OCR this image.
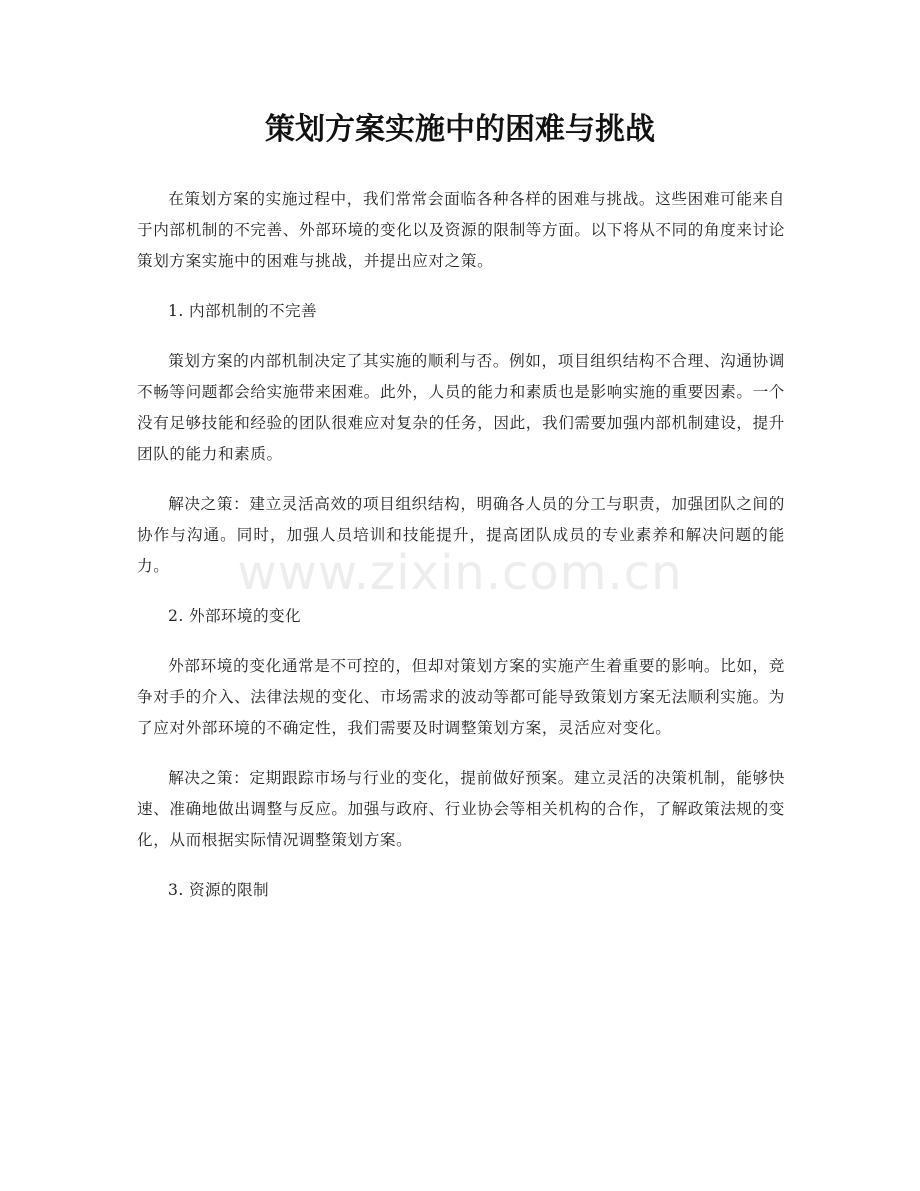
策划方案实施中的困难与挑战
www.zixin.com.cn

在策划方案的实施过程中，我们常常会面临各种各样的困难与挑战。这些困难可能来自于内部机制的不完善、外部环境的变化以及资源的限制等方面。以下将从不同的角度来讨论策划方案实施中的困难与挑战，并提出应对之策。

1. 内部机制的不完善

策划方案的内部机制决定了其实施的顺利与否。例如，项目组织结构不合理、沟通协调不畅等问题都会给实施带来困难。此外，人员的能力和素质也是影响实施的重要因素。一个没有足够技能和经验的团队很难应对复杂的任务，因此，我们需要加强内部机制建设，提升团队的能力和素质。

解决之策：建立灵活高效的项目组织结构，明确各人员的分工与职责，加强团队之间的协作与沟通。同时，加强人员培训和技能提升，提高团队成员的专业素养和解决问题的能力。

2. 外部环境的变化

外部环境的变化通常是不可控的，但却对策划方案的实施产生着重要的影响。比如，竞争对手的介入、法律法规的变化、市场需求的波动等都可能导致策划方案无法顺利实施。为了应对外部环境的不确定性，我们需要及时调整策划方案，灵活应对变化。

解决之策：定期跟踪市场与行业的变化，提前做好预案。建立灵活的决策机制，能够快速、准确地做出调整与反应。加强与政府、行业协会等相关机构的合作，了解政策法规的变化，从而根据实际情况调整策划方案。

3. 资源的限制
